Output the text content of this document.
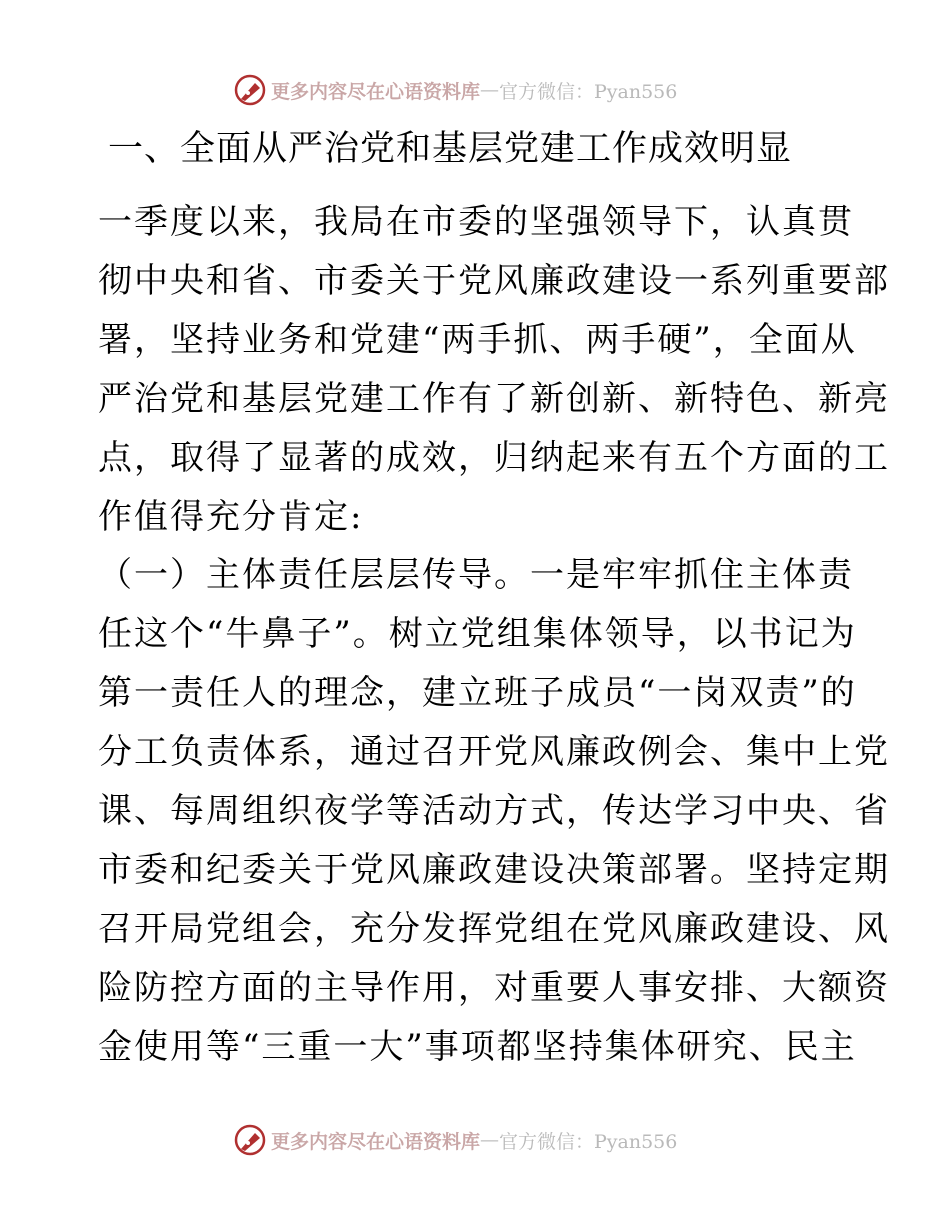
更多内容尽在心语资料库 — 官方微信：Pyan556
一、全面从严治党和基层党建工作成效明显
一季度以来，我局在市委的坚强领导下，认真贯
彻中央和省、市委关于党风廉政建设一系列重要部
署，坚持业务和党建“两手抓、两手硬”，全面从
严治党和基层党建工作有了新创新、新特色、新亮
点，取得了显著的成效，归纳起来有五个方面的工
作值得充分肯定:
（一）主体责任层层传导。一是牢牢抓住主体责
任这个“牛鼻子”。树立党组集体领导，以书记为
第一责任人的理念，建立班子成员“一岗双责”的
分工负责体系，通过召开党风廉政例会、集中上党
课、每周组织夜学等活动方式，传达学习中央、省
市委和纪委关于党风廉政建设决策部署。坚持定期
召开局党组会，充分发挥党组在党风廉政建设、风
险防控方面的主导作用，对重要人事安排、大额资
金使用等“三重一大”事项都坚持集体研究、民主
更多内容尽在心语资料库 — 官方微信：Pyan556
